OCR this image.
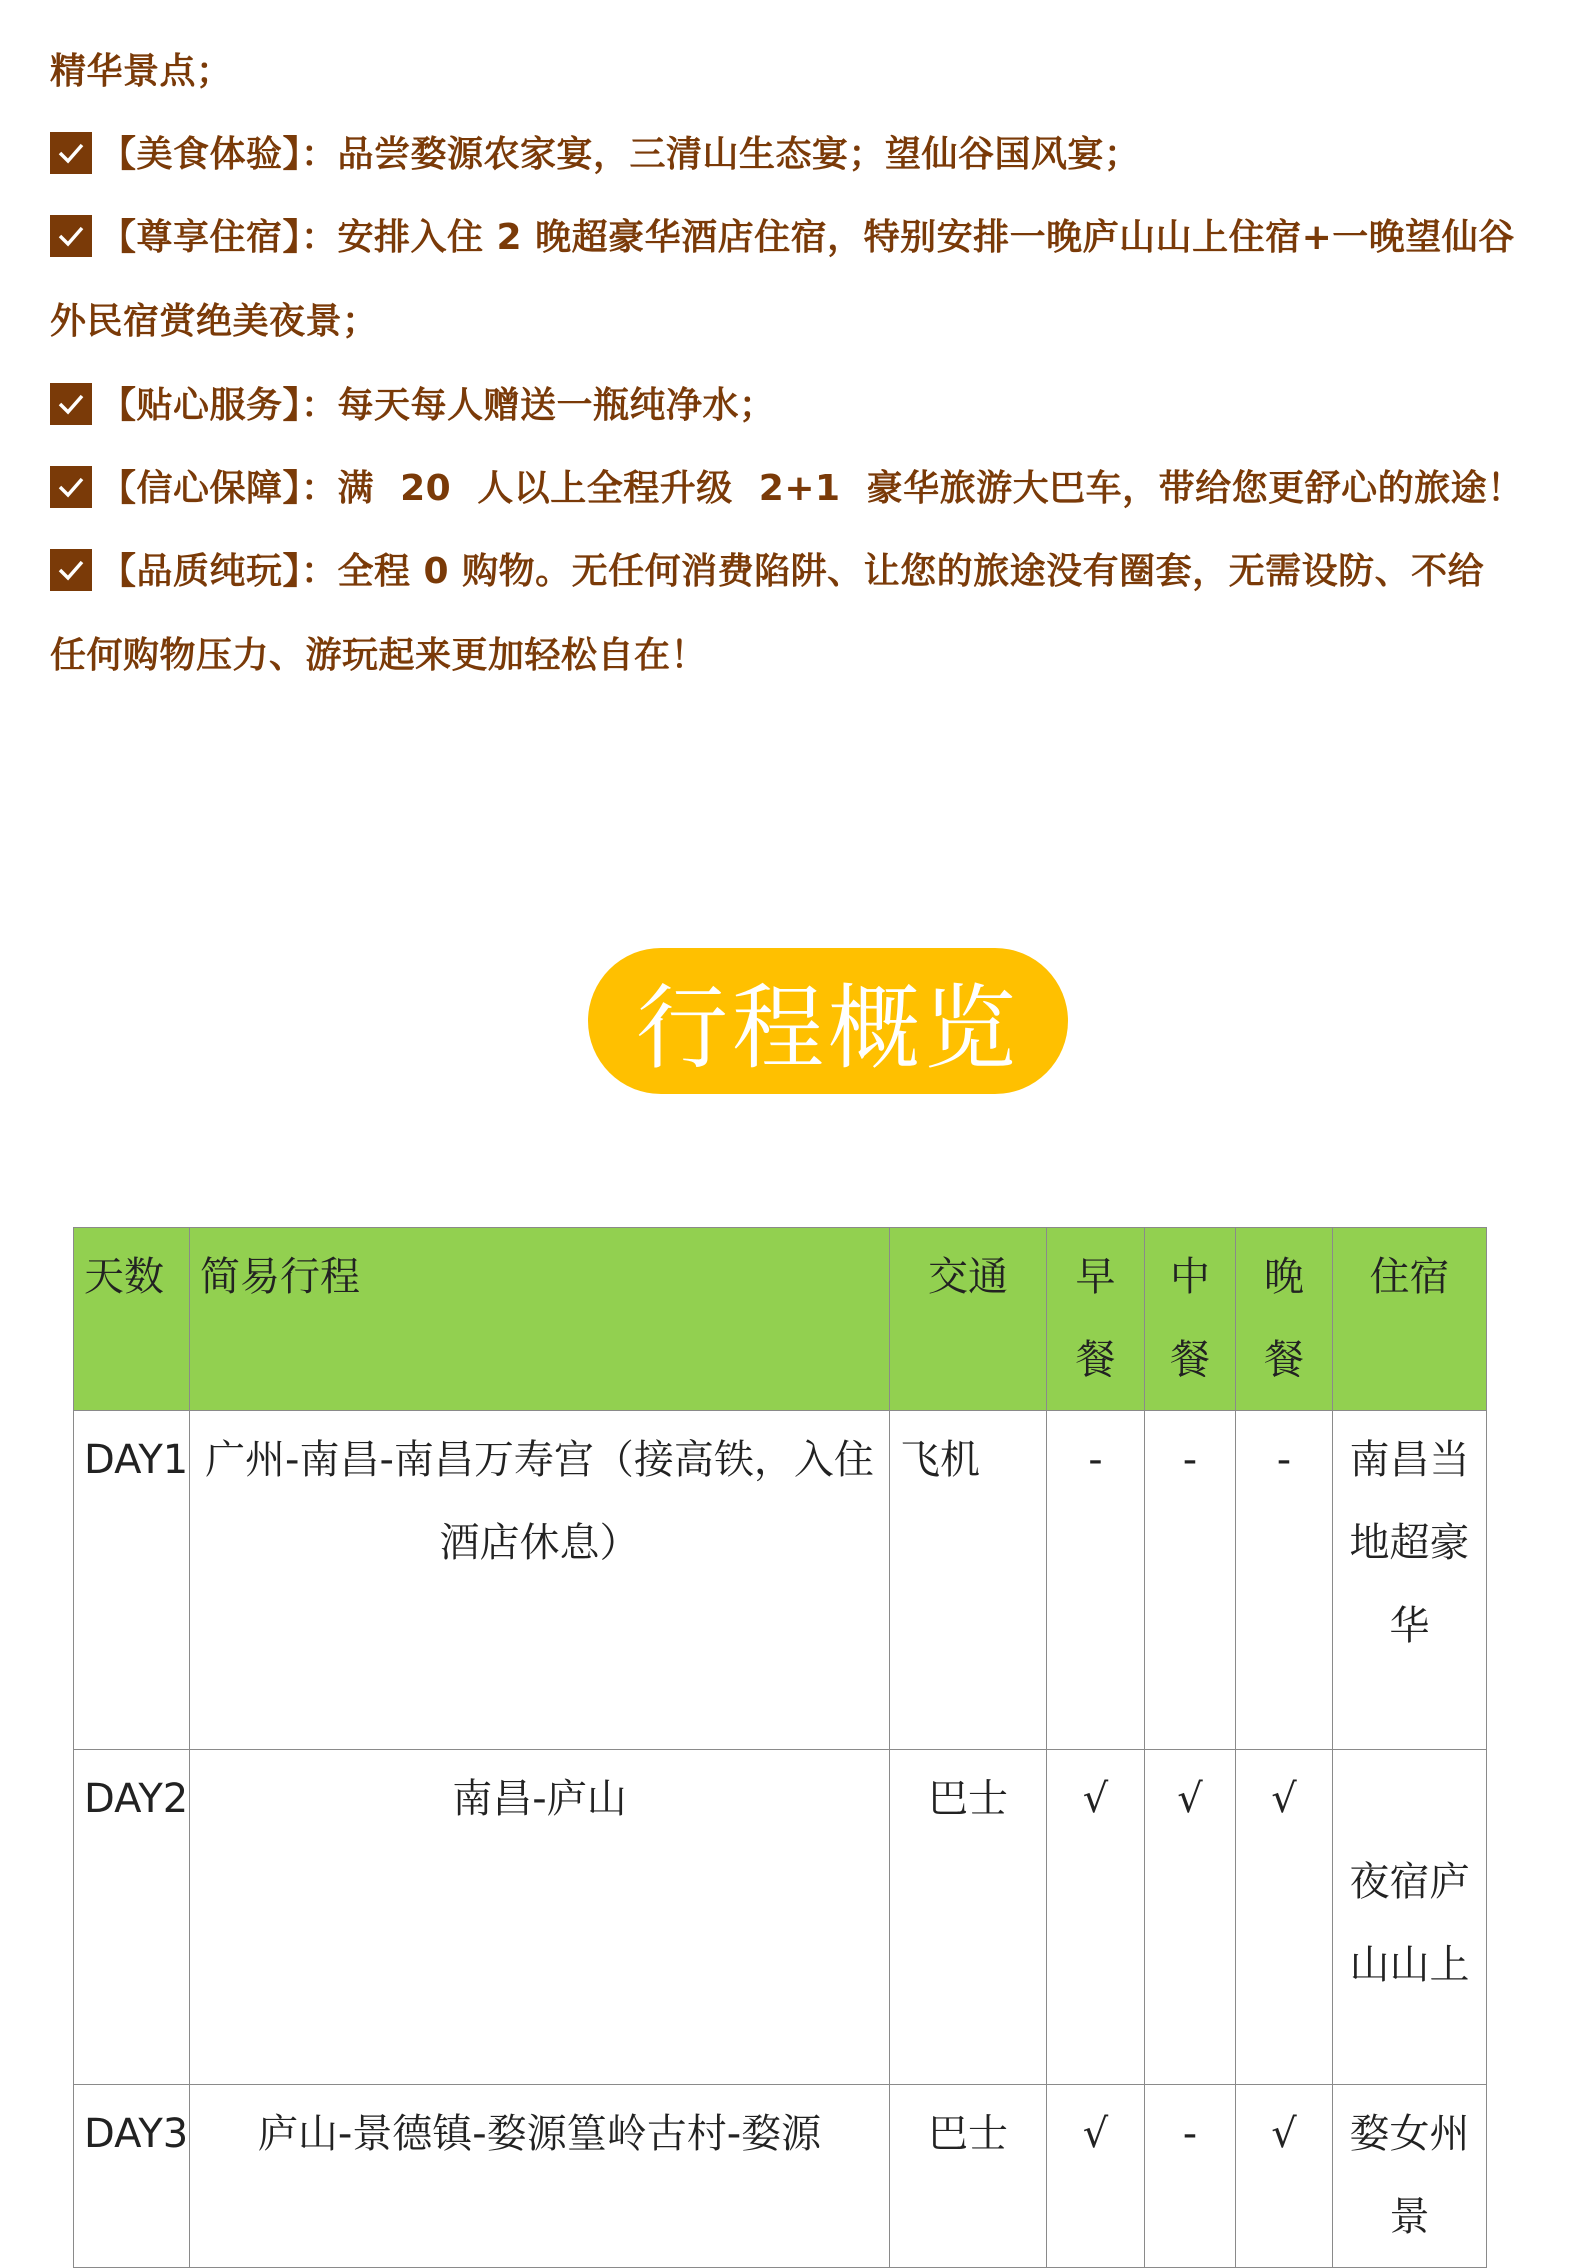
精华景点；
【美食体验】：品尝婺源农家宴，三清山生态宴；望仙谷国风宴；
【尊享住宿】：安排入住 2 晚超豪华酒店住宿，特别安排一晚庐山山上住宿+一晚望仙谷
外民宿赏绝美夜景；
【贴心服务】：每天每人赠送一瓶纯净水；
【信心保障】：满  20  人以上全程升级  2+1  豪华旅游大巴车，带给您更舒心的旅途！
【品质纯玩】：全程 0 购物。无任何消费陷阱、让您的旅途没有圈套，无需设防、不给
任何购物压力、游玩起来更加轻松自在！
行程概览
天数	简易行程	交通	早餐	中餐	晚餐	住宿
DAY1	广州-南昌-南昌万寿宫（接高铁，入住酒店休息）	飞机	-	-	-	南昌当地超豪华
DAY2	南昌-庐山	巴士	√	√	√	夜宿庐山山上
DAY3	庐山-景德镇-婺源篁岭古村-婺源	巴士	√	-	√	婺女州景
